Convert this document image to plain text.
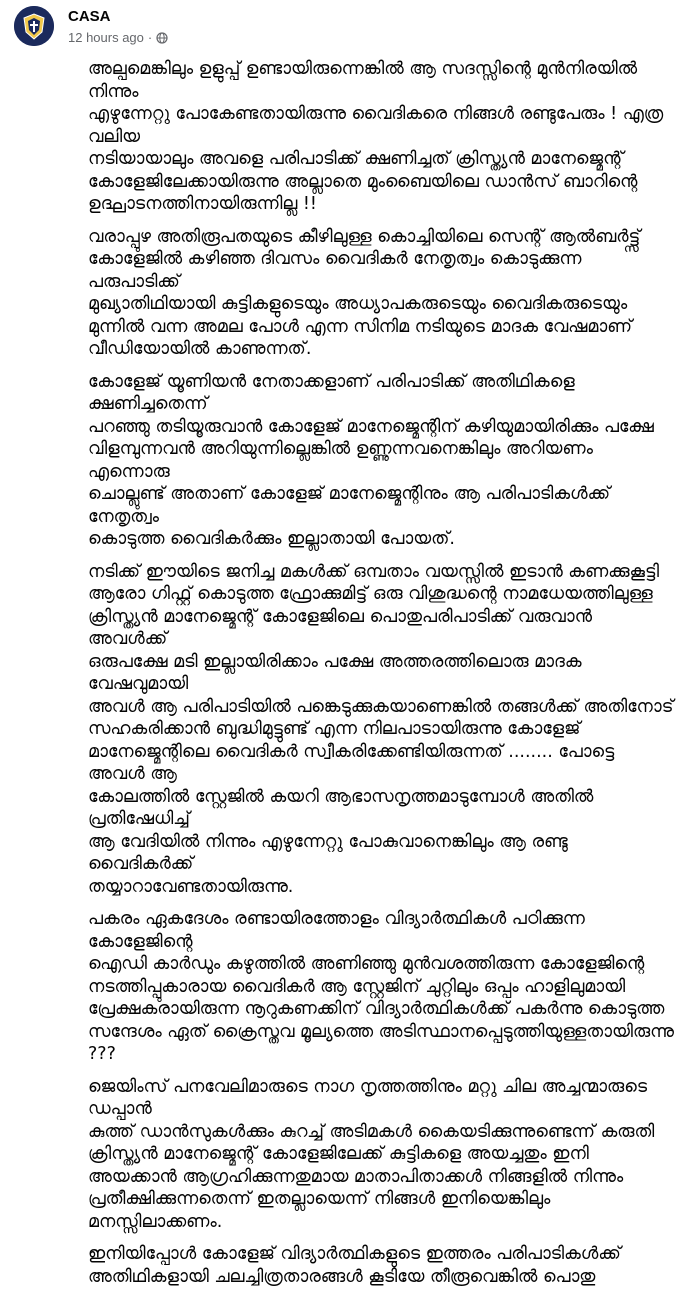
CASA
12 hours ago ·

അല്പമെങ്കിലും ഉളുപ്പ് ഉണ്ടായിരുന്നെങ്കിൽ ആ സദസ്സിന്റെ മുൻനിരയിൽ നിന്നും
എഴുന്നേറ്റു പോകേണ്ടതായിരുന്നു വൈദികരെ നിങ്ങൾ രണ്ടുപേരും ! എത്ര വലിയ
നടിയായാലും അവളെ പരിപാടിക്ക് ക്ഷണിച്ചത് ക്രിസ്ത്യൻ മാനേജ്മെന്റ്
കോളേജിലേക്കായിരുന്നു അല്ലാതെ മുംബൈയിലെ ഡാൻസ് ബാറിന്റെ
ഉദ്ഘാടനത്തിനായിരുന്നില്ല !!

വരാപ്പുഴ അതിരൂപതയുടെ കീഴിലുള്ള കൊച്ചിയിലെ സെന്റ് ആൽബർട്ട്സ്
കോളേജിൽ കഴിഞ്ഞ ദിവസം വൈദികർ നേതൃത്വം കൊടുക്കുന്ന പരുപാടിക്ക്
മുഖ്യാതിഥിയായി കുട്ടികളുടെയും അധ്യാപകരുടെയും വൈദികരുടെയും
മുന്നിൽ വന്ന അമല പോൾ എന്ന സിനിമ നടിയുടെ മാദക വേഷമാണ്
വീഡിയോയിൽ കാണുന്നത്.

കോളേജ് യൂണിയൻ നേതാക്കളാണ് പരിപാടിക്ക് അതിഥികളെ ക്ഷണിച്ചതെന്ന്
പറഞ്ഞു തടിയൂരുവാൻ കോളേജ് മാനേജ്മെന്റിന് കഴിയുമായിരിക്കും പക്ഷേ
വിളമ്പുന്നവൻ അറിയുന്നില്ലെങ്കിൽ ഉണ്ണുന്നവനെങ്കിലും അറിയണം എന്നൊരു
ചൊല്ലുണ്ട് അതാണ് കോളേജ് മാനേജ്മെന്റിനും ആ പരിപാടികൾക്ക് നേതൃത്വം
കൊടുത്ത വൈദികർക്കും ഇല്ലാതായി പോയത്.

നടിക്ക് ഈയിടെ ജനിച്ച മകൾക്ക് ഒമ്പതാം വയസ്സിൽ ഇടാൻ കണക്കുകൂട്ടി
ആരോ ഗിഫ്റ്റ് കൊടുത്ത ഫ്രോക്കുമിട്ട് ഒരു വിശുദ്ധന്റെ നാമധേയത്തിലുള്ള
ക്രിസ്ത്യൻ മാനേജ്മെന്റ് കോളേജിലെ പൊതുപരിപാടിക്ക് വരുവാൻ അവൾക്ക്
ഒരുപക്ഷേ മടി ഇല്ലായിരിക്കാം പക്ഷേ അത്തരത്തിലൊരു മാദക വേഷവുമായി
അവൾ ആ പരിപാടിയിൽ പങ്കെടുക്കുകയാണെങ്കിൽ തങ്ങൾക്ക് അതിനോട്
സഹകരിക്കാൻ ബുദ്ധിമുട്ടുണ്ട് എന്ന നിലപാടായിരുന്നു കോളേജ്
മാനേജ്മെന്റിലെ വൈദികർ സ്വീകരിക്കേണ്ടിയിരുന്നത് ........ പോട്ടെ അവൾ ആ
കോലത്തിൽ സ്റ്റേജിൽ കയറി ആഭാസനൃത്തമാടുമ്പോൾ അതിൽ പ്രതിഷേധിച്ച്
ആ വേദിയിൽ നിന്നും എഴുന്നേറ്റു പോകുവാനെങ്കിലും ആ രണ്ടു വൈദികർക്ക്
തയ്യാറാവേണ്ടതായിരുന്നു.

പകരം ഏകദേശം രണ്ടായിരത്തോളം വിദ്യാർത്ഥികൾ പഠിക്കുന്ന കോളേജിന്റെ
ഐഡി കാർഡും കഴുത്തിൽ അണിഞ്ഞു മുൻവശത്തിരുന്ന കോളേജിന്റെ
നടത്തിപ്പുകാരായ വൈദികർ ആ സ്റ്റേജിന് ചുറ്റിലും ഒപ്പം ഹാളിലുമായി
പ്രേക്ഷകരായിരുന്ന നൂറുകണക്കിന് വിദ്യാർത്ഥികൾക്ക് പകർന്നു കൊടുത്ത
സന്ദേശം ഏത് ക്രൈസ്തവ മൂല്യത്തെ അടിസ്ഥാനപ്പെടുത്തിയുള്ളതായിരുന്നു ???

ജെയിംസ് പനവേലിമാരുടെ നാഗ നൃത്തത്തിനും മറ്റു ചില അച്ചന്മാരുടെ ഡപ്പാൻ
കുത്ത് ഡാൻസുകൾക്കും കുറച്ച് അടിമകൾ കൈയടിക്കുന്നുണ്ടെന്ന് കരുതി
ക്രിസ്ത്യൻ മാനേജ്മെന്റ് കോളേജിലേക്ക് കുട്ടികളെ അയച്ചതും ഇനി
അയക്കാൻ ആഗ്രഹിക്കുന്നതുമായ മാതാപിതാക്കൾ നിങ്ങളിൽ നിന്നും
പ്രതീക്ഷിക്കുന്നതെന്ന് ഇതല്ലായെന്ന് നിങ്ങൾ ഇനിയെങ്കിലും മനസ്സിലാക്കണം.

ഇനിയിപ്പോൾ കോളേജ് വിദ്യാർത്ഥികളുടെ ഇത്തരം പരിപാടികൾക്ക്
അതിഥികളായി ചലച്ചിത്രതാരങ്ങൾ കൂടിയേ തീരൂവെങ്കിൽ പൊതു
